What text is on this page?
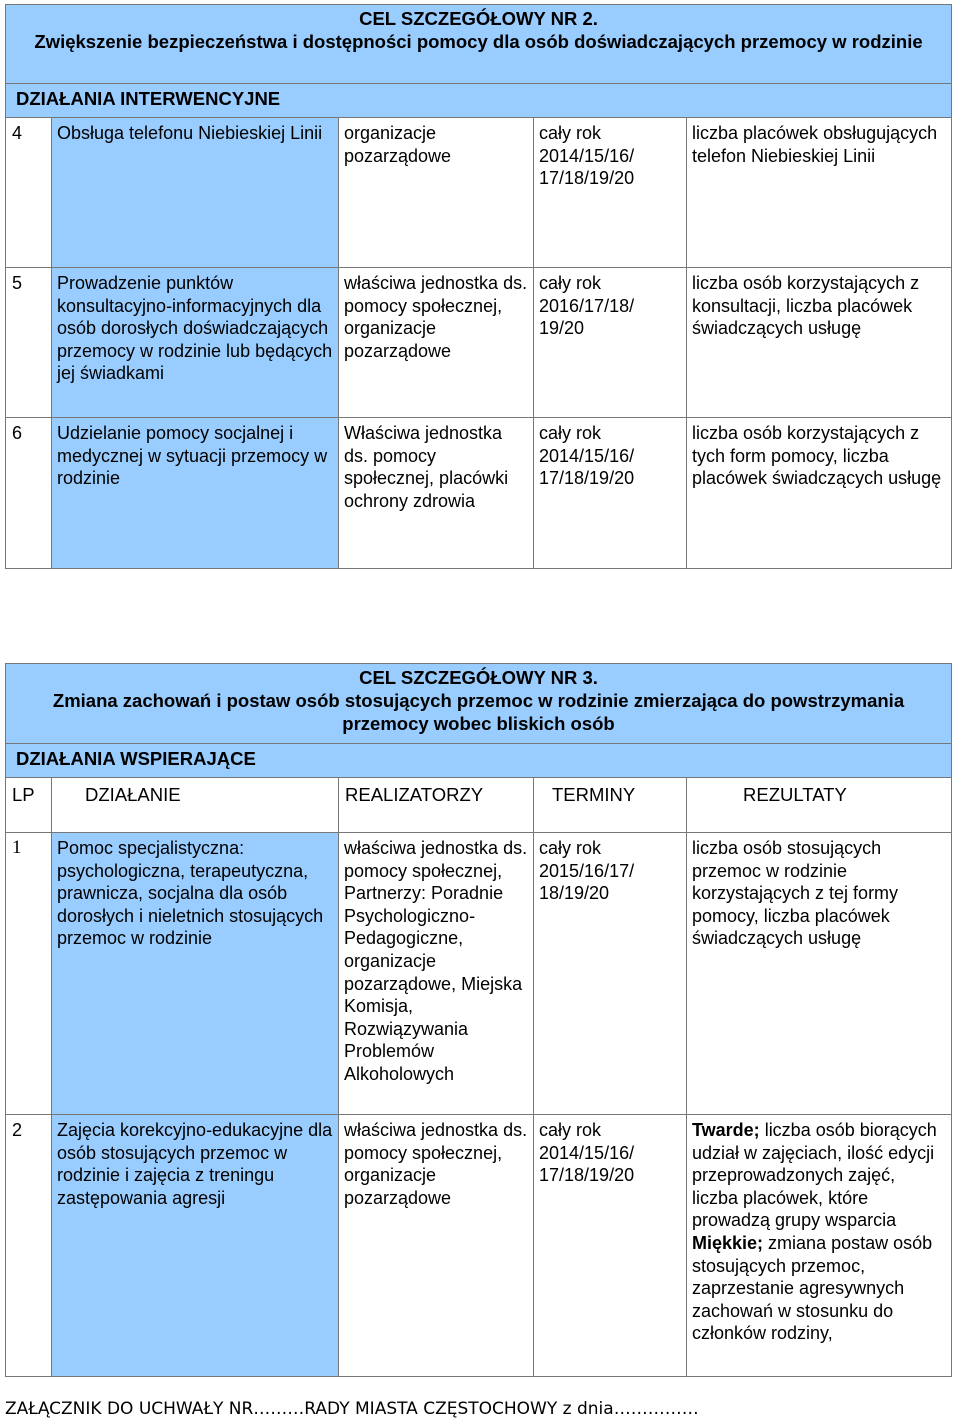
CEL SZCZEGÓŁOWY NR 2.
Zwiększenie bezpieczeństwa i dostępności pomocy dla osób doświadczających przemocy w rodzinie				

DZIAŁANIA INTERWENCYJNE				
4	Obsługa telefonu Niebieskiej Linii	organizacje pozarządowe	cały rok 2014/15/16/ 17/18/19/20	liczba placówek obsługujących telefon Niebieskiej Linii
5	Prowadzenie punktów konsultacyjno-informacyjnych dla osób dorosłych doświadczających przemocy w rodzinie lub będących jej świadkami	właściwa jednostka ds. pomocy społecznej, organizacje pozarządowe	cały rok 2016/17/18/ 19/20	liczba osób korzystających z konsultacji, liczba placówek świadczących usługę
6	Udzielanie pomocy socjalnej i medycznej w sytuacji przemocy w rodzinie	Właściwa jednostka ds. pomocy społecznej, placówki ochrony zdrowia	cały rok 2014/15/16/ 17/18/19/20	liczba osób korzystających z tych form pomocy, liczba placówek świadczących usługę
CEL SZCZEGÓŁOWY NR 3.
Zmiana zachowań i postaw osób stosujących przemoc w rodzinie zmierzająca do powstrzymania przemocy wobec bliskich osób				

DZIAŁANIA WSPIERAJĄCE				
LP	DZIAŁANIE	REALIZATORZY	TERMINY	REZULTATY
1	Pomoc specjalistyczna: psychologiczna, terapeutyczna, prawnicza, socjalna dla osób dorosłych i nieletnich stosujących przemoc w rodzinie	właściwa jednostka ds. pomocy społecznej, Partnerzy: Poradnie Psychologiczno-Pedagogiczne, organizacje pozarządowe, Miejska Komisja, Rozwiązywania Problemów Alkoholowych	cały rok 2015/16/17/ 18/19/20	liczba osób stosujących przemoc w rodzinie korzystających z tej formy pomocy, liczba placówek świadczących usługę
2	Zajęcia korekcyjno-edukacyjne dla osób stosujących przemoc w rodzinie i zajęcia z treningu zastępowania agresji	właściwa jednostka ds. pomocy społecznej, organizacje pozarządowe	cały rok 2014/15/16/ 17/18/19/20	Twarde; liczba osób biorących udział w zajęciach, ilość edycji przeprowadzonych zajęć, liczba placówek, które prowadzą grupy wsparcia Miękkie; zmiana postaw osób stosujących przemoc, zaprzestanie agresywnych zachowań w stosunku do członków rodziny,
ZAŁĄCZNIK DO UCHWAŁY NR………RADY MIASTA CZĘSTOCHOWY z dnia……………
